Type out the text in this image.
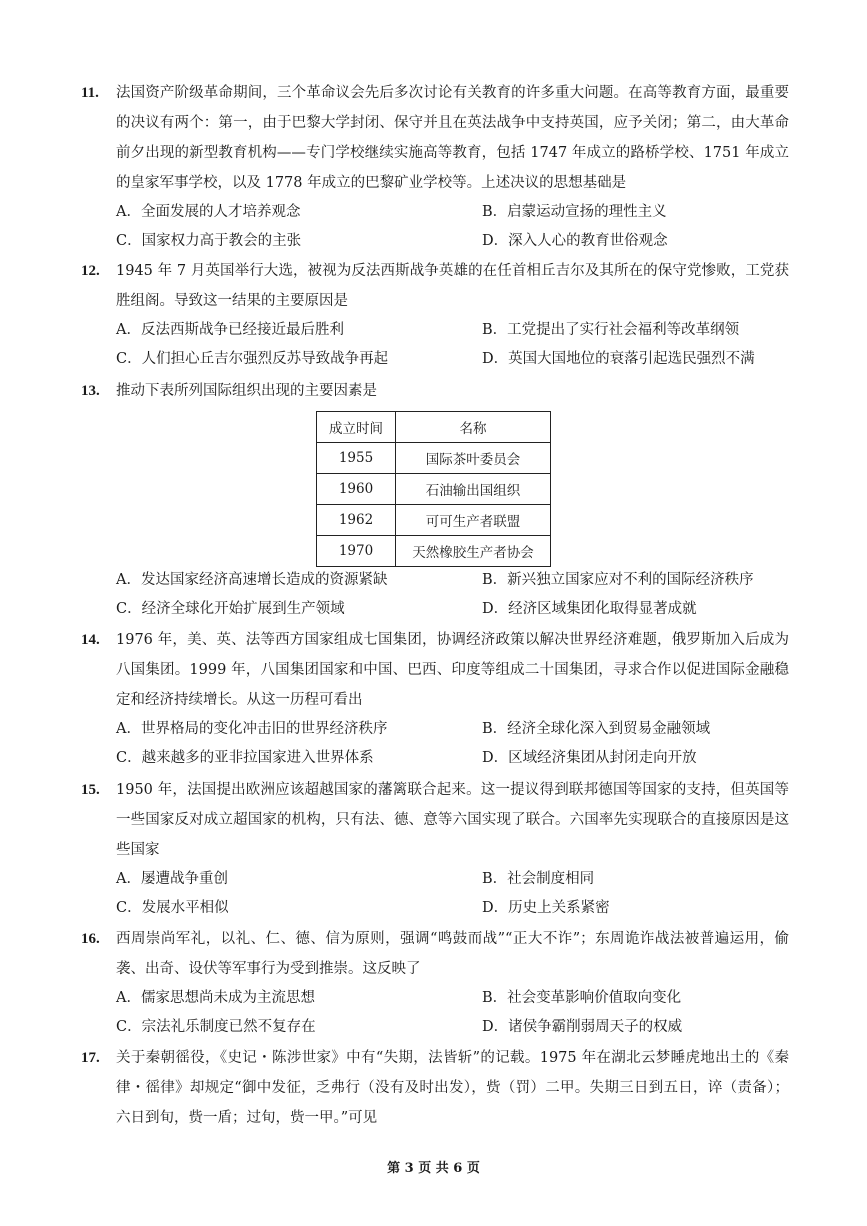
11. 法国资产阶级革命期间，三个革命议会先后多次讨论有关教育的许多重大问题。在高等教育方面，最重要的决议有两个：第一，由于巴黎大学封闭、保守并且在英法战争中支持英国，应予关闭；第二，由大革命前夕出现的新型教育机构——专门学校继续实施高等教育，包括 1747 年成立的路桥学校、1751 年成立的皇家军事学校，以及 1778 年成立的巴黎矿业学校等。上述决议的思想基础是
A．全面发展的人才培养观念	B．启蒙运动宣扬的理性主义
C．国家权力高于教会的主张	D．深入人心的教育世俗观念
12. 1945 年 7 月英国举行大选，被视为反法西斯战争英雄的在任首相丘吉尔及其所在的保守党惨败，工党获胜组阁。导致这一结果的主要原因是
A．反法西斯战争已经接近最后胜利	B．工党提出了实行社会福利等改革纲领
C．人们担心丘吉尔强烈反苏导致战争再起	D．英国大国地位的衰落引起选民强烈不满
13. 推动下表所列国际组织出现的主要因素是
成立时间	名称
1955	国际茶叶委员会
1960	石油输出国组织
1962	可可生产者联盟
1970	天然橡胶生产者协会
A．发达国家经济高速增长造成的资源紧缺	B．新兴独立国家应对不利的国际经济秩序
C．经济全球化开始扩展到生产领域	D．经济区域集团化取得显著成就
14. 1976 年，美、英、法等西方国家组成七国集团，协调经济政策以解决世界经济难题，俄罗斯加入后成为八国集团。1999 年，八国集团国家和中国、巴西、印度等组成二十国集团，寻求合作以促进国际金融稳定和经济持续增长。从这一历程可看出
A．世界格局的变化冲击旧的世界经济秩序	B．经济全球化深入到贸易金融领域
C．越来越多的亚非拉国家进入世界体系	D．区域经济集团从封闭走向开放
15. 1950 年，法国提出欧洲应该超越国家的藩篱联合起来。这一提议得到联邦德国等国家的支持，但英国等一些国家反对成立超国家的机构，只有法、德、意等六国实现了联合。六国率先实现联合的直接原因是这些国家
A．屡遭战争重创	B．社会制度相同
C．发展水平相似	D．历史上关系紧密
16. 西周崇尚军礼，以礼、仁、德、信为原则，强调“鸣鼓而战”“正大不诈”；东周诡诈战法被普遍运用，偷袭、出奇、设伏等军事行为受到推崇。这反映了
A．儒家思想尚未成为主流思想	B．社会变革影响价值取向变化
C．宗法礼乐制度已然不复存在	D．诸侯争霸削弱周天子的权威
17. 关于秦朝徭役，《史记・陈涉世家》中有“失期，法皆斩”的记载。1975 年在湖北云梦睡虎地出土的《秦律・徭律》却规定“御中发征，乏弗行（没有及时出发），赀（罚）二甲。失期三日到五日，谇（责备）；六日到旬，赀一盾；过旬，赀一甲。”可见
第 3 页 共 6 页
